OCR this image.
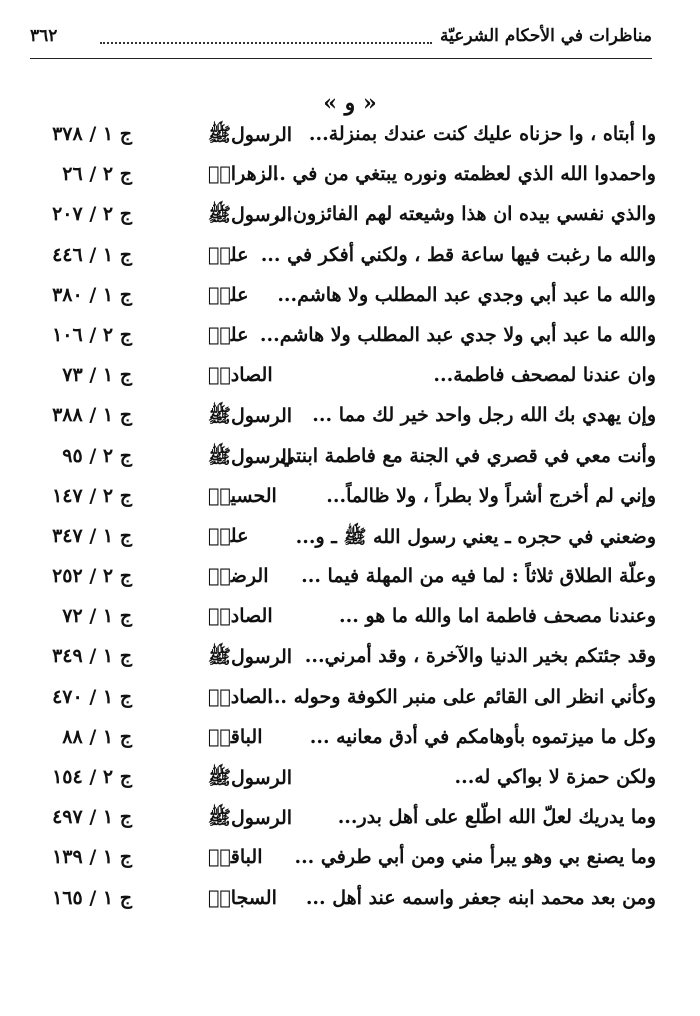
مناظرات في الأحكام الشرعيّة
٣٦٢
« و »
وا أبتاه ، وا حزناه عليك كنت عندك بمنزلة...
الرسولﷺ
ج ١ / ٣٧٨
واحمدوا الله الذي لعظمته ونوره يبتغي من في ...
الزهراءؑ
ج ٢ / ٢٦
والذي نفسي بيده ان هذا وشيعته لهم الفائزون...
الرسولﷺ
ج ٢ / ٢٠٧
والله ما رغبت فيها ساعة قط ، ولكني أفكر في ...
عليؑ
ج ١ / ٤٤٦
والله ما عبد أبي وجدي عبد المطلب ولا هاشم...
عليؑ
ج ١ / ٣٨٠
والله ما عبد أبي ولا جدي عبد المطلب ولا هاشم...
عليؑ
ج ٢ / ١٠٦
وان عندنا لمصحف فاطمة...
الصادقؑ
ج ١ / ٧٣
وإن يهدي بك الله رجل واحد خير لك مما ...
الرسولﷺ
ج ١ / ٣٨٨
وأنت معي في قصري في الجنة مع فاطمة ابنتي
الرسولﷺ
ج ٢ / ٩٥
وإني لم أخرج أشراً ولا بطراً ، ولا ظالماً...
الحسينؑ
ج ٢ / ١٤٧
وضعني في حجره ـ يعني رسول الله ﷺ ـ و...
عليؑ
ج ١ / ٣٤٧
وعلّة الطلاق ثلاثاً : لما فيه من المهلة فيما ...
الرضاؑ
ج ٢ / ٢٥٢
وعندنا مصحف فاطمة اما والله ما هو ...
الصادقؑ
ج ١ / ٧٢
وقد جئتكم بخير الدنيا والآخرة ، وقد أمرني...
الرسولﷺ
ج ١ / ٣٤٩
وكأني انظر الى القائم على منبر الكوفة وحوله ...
الصادقؑ
ج ١ / ٤٧٠
وكل ما ميزتموه بأوهامكم في أدق معانيه ...
الباقرؑ
ج ١ / ٨٨
ولكن حمزة لا بواكي له...
الرسولﷺ
ج ٢ / ١٥٤
وما يدريك لعلّ الله اطّلع على أهل بدر...
الرسولﷺ
ج ١ / ٤٩٧
وما يصنع بي وهو يبرأ مني ومن أبي طرفي ...
الباقرؑ
ج ١ / ١٣٩
ومن بعد محمد ابنه جعفر واسمه عند أهل ...
السجادؑ
ج ١ / ١٦٥
